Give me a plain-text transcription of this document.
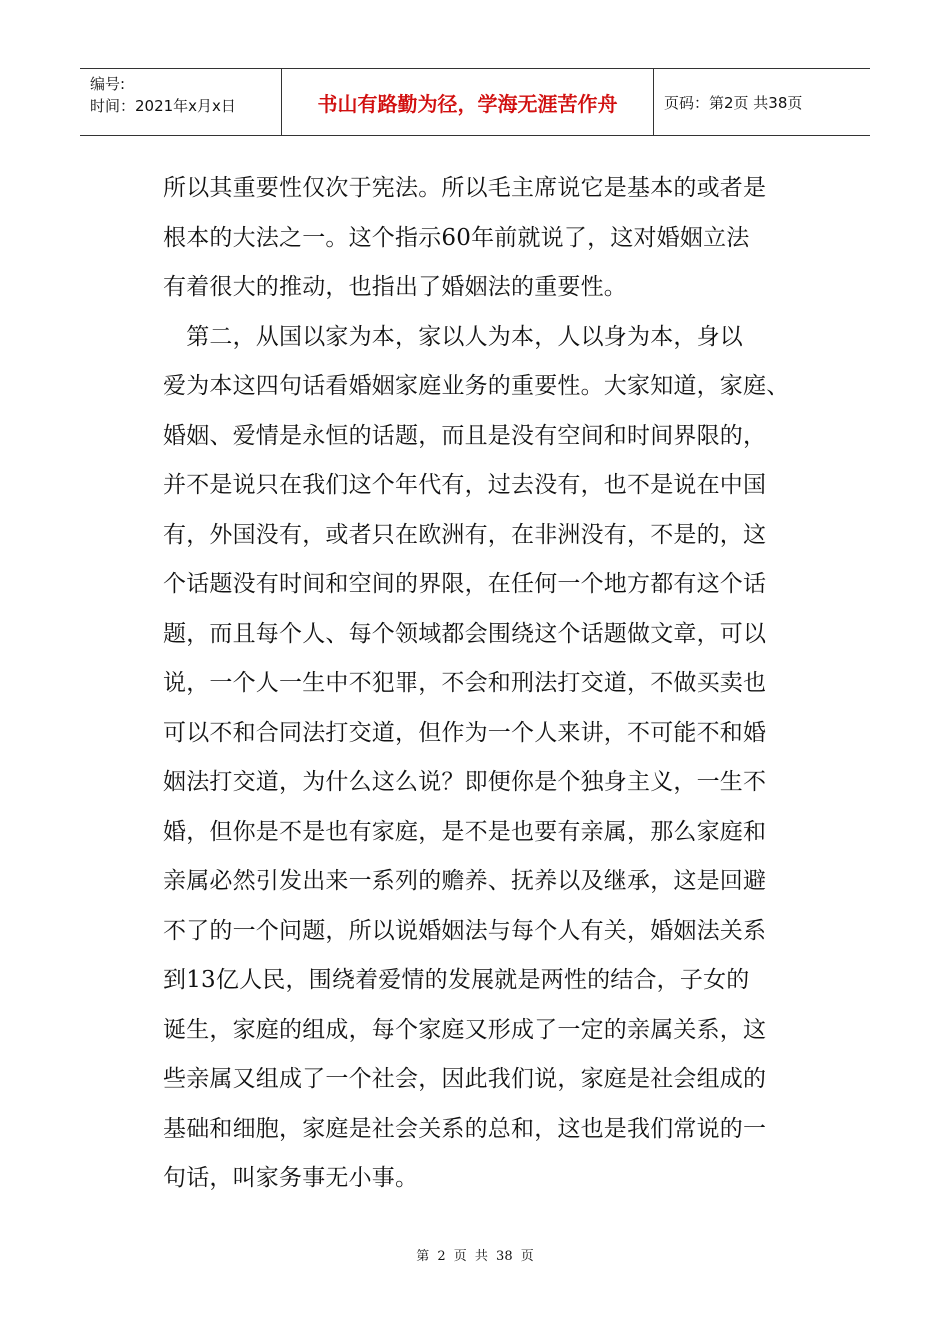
编号:
时间：2021年x月x日	书山有路勤为径，学海无涯苦作舟	页码：第2页 共38页
所以其重要性仅次于宪法。所以毛主席说它是基本的或者是
根本的大法之一。这个指示60年前就说了，这对婚姻立法
有着很大的推动，也指出了婚姻法的重要性。
　第二，从国以家为本，家以人为本，人以身为本，身以
爱为本这四句话看婚姻家庭业务的重要性。大家知道，家庭、
婚姻、爱情是永恒的话题，而且是没有空间和时间界限的，
并不是说只在我们这个年代有，过去没有，也不是说在中国
有，外国没有，或者只在欧洲有，在非洲没有，不是的，这
个话题没有时间和空间的界限，在任何一个地方都有这个话
题，而且每个人、每个领域都会围绕这个话题做文章，可以
说，一个人一生中不犯罪，不会和刑法打交道，不做买卖也
可以不和合同法打交道，但作为一个人来讲，不可能不和婚
姻法打交道，为什么这么说？即便你是个独身主义，一生不
婚，但你是不是也有家庭，是不是也要有亲属，那么家庭和
亲属必然引发出来一系列的赡养、抚养以及继承，这是回避
不了的一个问题，所以说婚姻法与每个人有关，婚姻法关系
到13亿人民，围绕着爱情的发展就是两性的结合，子女的
诞生，家庭的组成，每个家庭又形成了一定的亲属关系，这
些亲属又组成了一个社会，因此我们说，家庭是社会组成的
基础和细胞，家庭是社会关系的总和，这也是我们常说的一
句话，叫家务事无小事。
第 2 页 共 38 页
